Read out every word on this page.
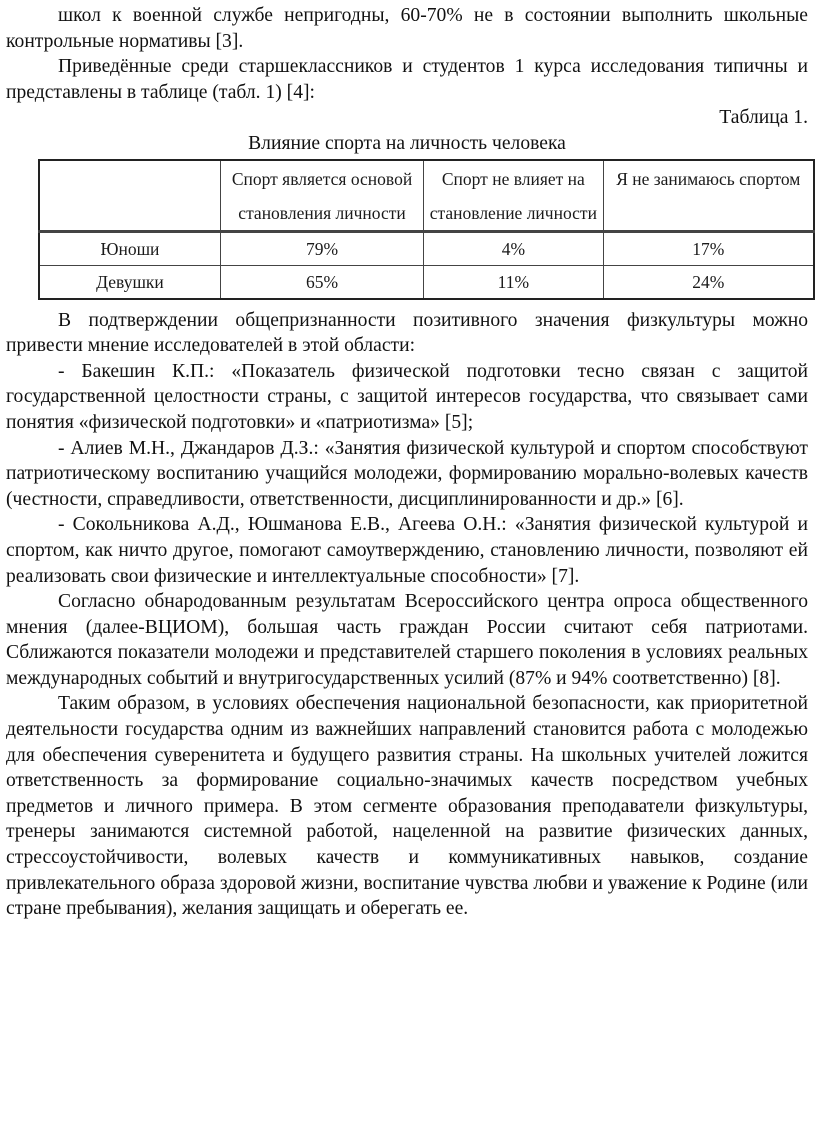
школ к военной службе непригодны, 60-70% не в состоянии выполнить школьные контрольные нормативы [3].

Приведённые среди старшеклассников и студентов 1 курса исследования типичны и представлены в таблице (табл. 1) [4]:

Таблица 1.

Влияние спорта на личность человека

	Спорт является основой становления личности	Спорт не влияет на становление личности	Я не занимаюсь спортом
Юноши	79%	4%	17%
Девушки	65%	11%	24%

В подтверждении общепризнанности позитивного значения физкультуры можно привести мнение исследователей в этой области:

- Бакешин К.П.: «Показатель физической подготовки тесно связан с защитой государственной целостности страны, с защитой интересов государства, что связывает сами понятия «физической подготовки» и «патриотизма» [5];

- Алиев М.Н., Джандаров Д.З.: «Занятия физической культурой и спортом способствуют патриотическому воспитанию учащийся молодежи, формированию морально-волевых качеств (честности, справедливости, ответственности, дисциплинированности и др.» [6].

- Сокольникова А.Д., Юшманова Е.В., Агеева О.Н.: «Занятия физической культурой и спортом, как ничто другое, помогают самоутверждению, становлению личности, позволяют ей реализовать свои физические и интеллектуальные способности» [7].

Согласно обнародованным результатам Всероссийского центра опроса общественного мнения (далее-ВЦИОМ), большая часть граждан России считают себя патриотами. Сближаются показатели молодежи и представителей старшего поколения в условиях реальных международных событий и внутригосударственных усилий (87% и 94% соответственно) [8].

Таким образом, в условиях обеспечения национальной безопасности, как приоритетной деятельности государства одним из важнейших направлений становится работа с молодежью для обеспечения суверенитета и будущего развития страны. На школьных учителей ложится ответственность за формирование социально-значимых качеств посредством учебных предметов и личного примера. В этом сегменте образования преподаватели физкультуры, тренеры занимаются системной работой, нацеленной на развитие физических данных, стрессоустойчивости, волевых качеств и коммуникативных навыков, создание привлекательного образа здоровой жизни, воспитание чувства любви и уважение к Родине (или стране пребывания), желания защищать и оберегать ее.
